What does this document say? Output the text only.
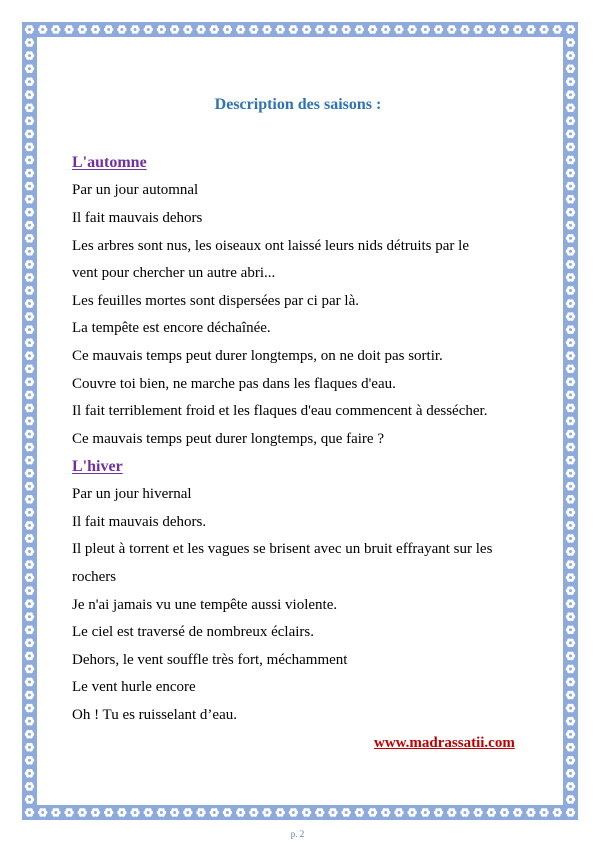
Description des saisons :
L'automne
Par un jour automnal
Il fait mauvais dehors
Les arbres sont nus, les oiseaux ont laissé leurs nids détruits par le
vent pour chercher un autre abri...
Les feuilles mortes sont dispersées par ci par là.
La tempête est encore déchaînée.
Ce mauvais temps peut durer longtemps, on ne doit pas sortir.
Couvre toi bien, ne marche pas dans les flaques d'eau.
Il fait terriblement froid et les flaques d'eau commencent à dessécher.
Ce mauvais temps peut durer longtemps, que faire ?
L'hiver
Par un jour hivernal
Il fait mauvais dehors.
Il pleut à torrent et les vagues se brisent avec un bruit effrayant sur les
rochers
Je n'ai jamais vu une tempête aussi violente.
Le ciel est traversé de nombreux éclairs.
Dehors, le vent souffle très fort, méchamment
Le vent hurle encore
Oh ! Tu es ruisselant d’eau.
www.madrassatii.com
p. 2
